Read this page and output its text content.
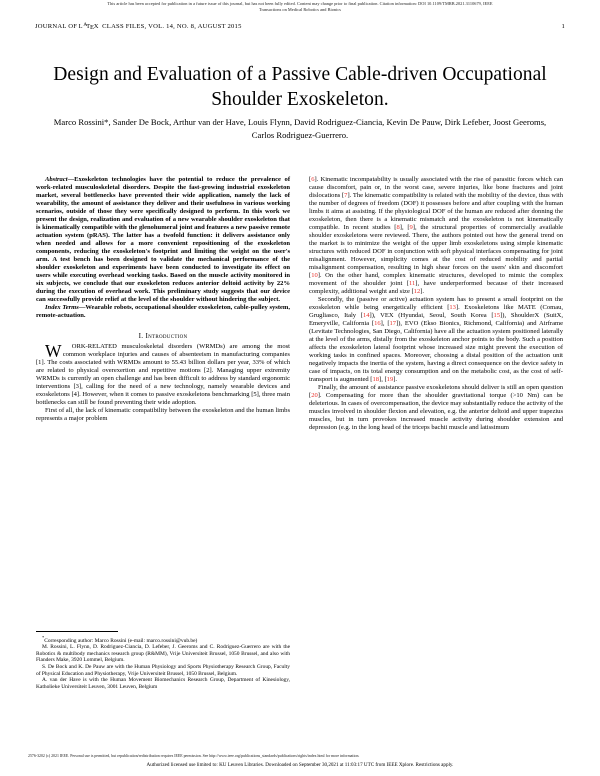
This article has been accepted for publication in a future issue of this journal, but has not been fully edited. Content may change prior to final publication. Citation information: DOI 10.1109/TMRB.2021.3110679, IEEE
Transactions on Medical Robotics and Bionics
JOURNAL OF $L^ATEX$ CLASS FILES, VOL. 14, NO. 8, AUGUST 2015	1
Design and Evaluation of a Passive Cable-driven Occupational Shoulder Exoskeleton.
Marco Rossini*, Sander De Bock, Arthur van der Have, Louis Flynn, David Rodriguez-Ciancia, Kevin De Pauw, Dirk Lefeber, Joost Geeroms, Carlos Rodriguez-Guerrero.

Abstract—Exoskeleton technologies have the potential to reduce the prevalence of work-related musculoskeletal disorders. Despite the fast-growing industrial exoskeleton market, several bottlenecks have prevented their wide application, namely the lack of wearability, the amount of assistance they deliver and their usefulness in various working scenarios, outside of those they were specifically designed to perform. In this work we present the design, realization and evaluation of a new wearable shoulder exoskeleton that is kinematically compatible with the glenohumeral joint and features a new passive remote actuation system (pRAS). The latter has a twofold function: it delivers assistance only when needed and allows for a more convenient repositioning of the exoskeleton components, reducing the exoskeleton's footprint and limiting the weight on the user's arm. A test bench has been designed to validate the mechanical performance of the shoulder exoskeleton and experiments have been conducted to investigate its effect on users while executing overhead working tasks. Based on the muscle activity monitored in six subjects, we conclude that our exoskeleton reduces anterior deltoid activity by 22% during the execution of overhead work. This preliminary study suggests that our device can successfully provide relief at the level of the shoulder without hindering the subject.

Index Terms—Wearable robots, occupational shoulder exoskeleton, cable-pulley system, remote-actuation.

I. Introduction

W ORK-RELATED musculoskeletal disorders (WRMDs) are among the most common workplace injuries and causes of absenteeism in manufacturing companies [1]. The costs associated with WRMDs amount to 55.43 billion dollars per year, 33% of which are related to physical overexertion and repetitive motions [2]. Managing upper extremity WRMDs is currently an open challenge and has been difficult to address by standard ergonomic interventions [3], calling for the need of a new technology, namely wearable devices and exoskeletons [4]. However, when it comes to passive exoskeletons benchmarking [5], three main bottlenecks can still be found preventing their wide adoption.

First of all, the lack of kinematic compatibility between the exoskeleton and the human limbs represents a major problem

[6]. Kinematic incompatability is usually associated with the rise of parasitic forces which can cause discomfort, pain or, in the worst case, severe injuries, like bone fractures and joint dislocations [7]. The kinematic compatibility is related with the mobility of the device, thus with the number of degrees of freedom (DOF) it possesses before and after coupling with the human limbs it aims at assisting. If the physiological DOF of the human are reduced after donning the exoskeleton, then there is a kinematic mismatch and the exoskeleton is not kinematically compatible. In recent studies [8], [9], the structural properties of commercially available shoulder exoskeletons were reviewed. There, the authors pointed out how the general trend on the market is to minimize the weight of the upper limb exoskeletons using simple kinematic structures with reduced DOF in conjunction with soft physical interfaces compensating for joint misalignment. However, simplicity comes at the cost of reduced mobility and partial misalignment compensation, resulting in high shear forces on the users' skin and discomfort [10]. On the other hand, complex kinematic structures, developed to mimic the complex movement of the shoulder joint [11], have underperformed because of their increased complexity, additional weight and size [12].

Secondly, the (passive or active) actuation system has to present a small footprint on the exoskeleton while being energetically efficient [13]. Exoskeletons like MATE (Comau, Grugliasco, Italy [14]), VEX (Hyundai, Seoul, South Korea [15]), ShoulderX (SuitX, Emeryville, California [16], [17]), EVO (Ekso Bionics, Richmond, California) and Airframe (Levitate Technologies, San Diego, California) have all the actuation system positioned laterally at the level of the arms, distally from the exoskeleton anchor points to the body. Such a position affects the exoskeleton lateral footprint whose increased size might prevent the execution of working tasks in confined spaces. Moreover, choosing a distal position of the actuation unit negatively impacts the inertia of the system, having a direct consequence on the device safety in case of impacts, on its total energy consumption and on the metabolic cost, as the cost of self-transport is augmented [18], [19].

Finally, the amount of assistance passive exoskeletons should deliver is still an open question [20]. Compensating for more than the shoulder gravitational torque (>10 Nm) can be deleterious. In cases of overcompensation, the device may substantially reduce the activity of the muscles involved in shoulder flexion and elevation, e.g. the anterior deltoid and upper trapezius muscles, but in turn provokes increased muscle activity during shoulder extension and depression (e.g. in the long head of the triceps bachii muscle and latissimum

*Corresponding author: Marco Rossini (e-mail: marco.rossini@vub.be)

M. Rossini, L. Flynn, D. Rodriguez-Ciancia, D. Lefeber, J. Geeroms and C. Rodriguez-Guerrero are with the Robotics & multibody mechanics research group (R&MM), Vrije Universiteit Brussel, 1050 Brussel, and also with Flanders Make, 3920 Lommel, Belgium.

S. De Bock and K. De Pauw are with the Human Physiology and Sports Physiotherapy Research Group, Faculty of Physical Education and Physiotherapy, Vrije Universiteit Brussel, 1050 Brussel, Belgium.

A. van der Have is with the Human Movement Biomechanics Research Group, Department of Kinesiology, Katholieke Universiteit Leuven, 3001 Leuven, Belgium

2576-3202 (c) 2021 IEEE. Personal use is permitted, but republication/redistribution requires IEEE permission. See http://www.ieee.org/publications_standards/publications/rights/index.html for more information.
Authorized licensed use limited to: KU Leuven Libraries. Downloaded on September 30,2021 at 11:03:17 UTC from IEEE Xplore. Restrictions apply.
